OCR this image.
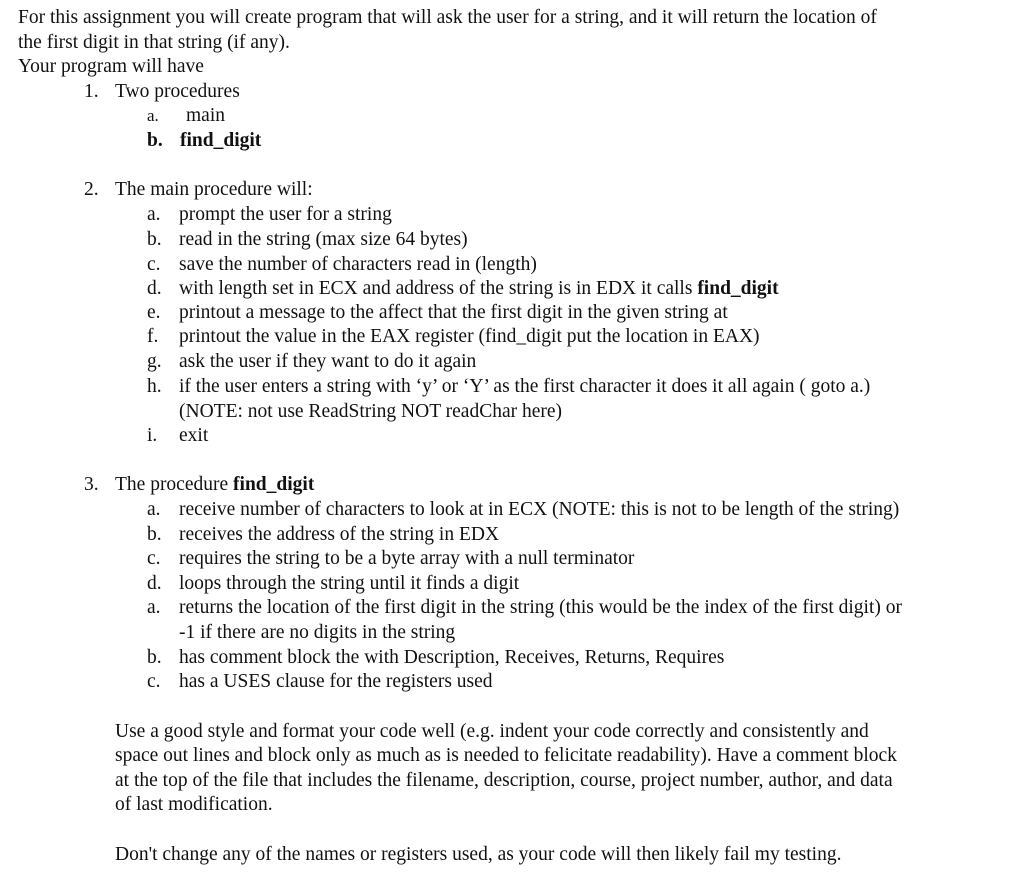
For this assignment you will create program that will ask the user for a string, and it will return the location of
the first digit in that string (if any).
Your program will have
1. Two procedures
a. main
b. find_digit
2. The main procedure will:
a. prompt the user for a string
b. read in the string (max size 64 bytes)
c. save the number of characters read in (length)
d. with length set in ECX and address of the string is in EDX it calls find_digit
e. printout a message to the affect that the first digit in the given string at
f. printout the value in the EAX register (find_digit put the location in EAX)
g. ask the user if they want to do it again
h. if the user enters a string with ‘y’ or ‘Y’ as the first character it does it all again ( goto a.)
(NOTE: not use ReadString NOT readChar here)
i. exit
3. The procedure find_digit
a. receive number of characters to look at in ECX (NOTE: this is not to be length of the string)
b. receives the address of the string in EDX
c. requires the string to be a byte array with a null terminator
d. loops through the string until it finds a digit
a. returns the location of the first digit in the string (this would be the index of the first digit) or
-1 if there are no digits in the string
b. has comment block the with Description, Receives, Returns, Requires
c. has a USES clause for the registers used
Use a good style and format your code well (e.g. indent your code correctly and consistently and
space out lines and block only as much as is needed to felicitate readability). Have a comment block
at the top of the file that includes the filename, description, course, project number, author, and data
of last modification.
Don't change any of the names or registers used, as your code will then likely fail my testing.
